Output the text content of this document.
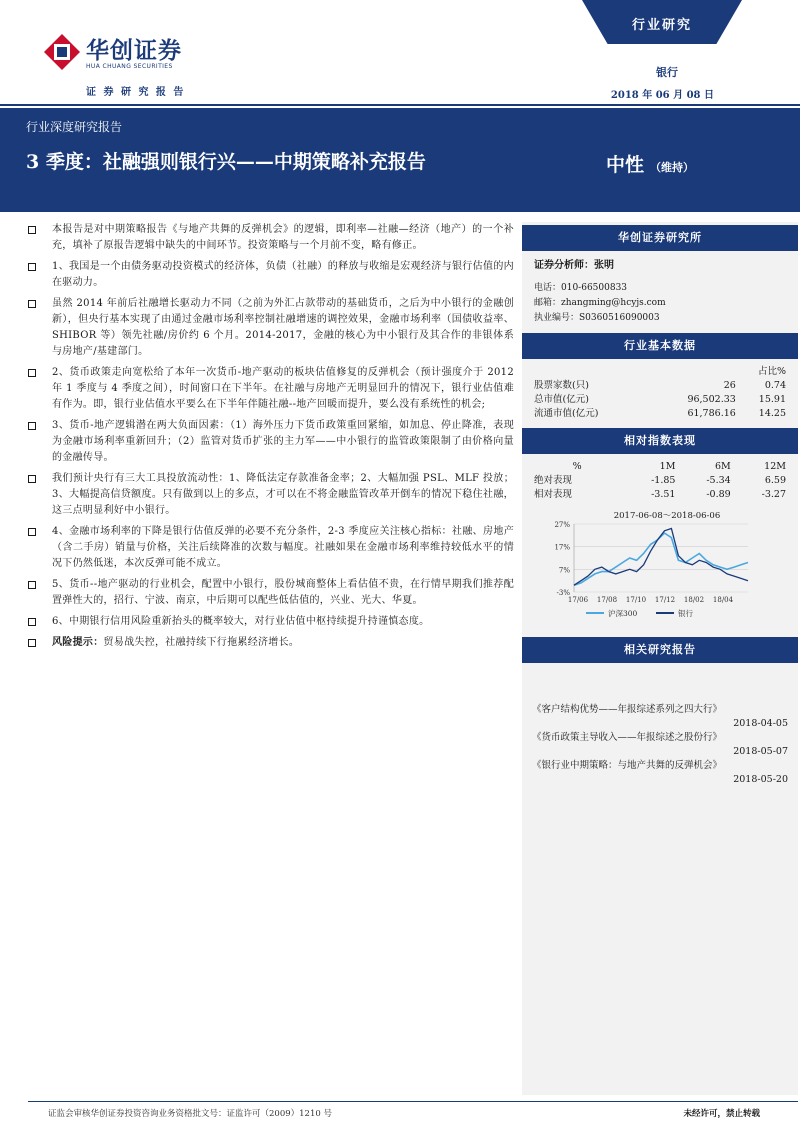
华创证券
HUA CHUANG SECURITIES
证 券 研 究 报 告
行业研究
银行
2018 年 06 月 08 日
行业深度研究报告
3 季度：社融强则银行兴——中期策略补充报告	中性 （维持）
本报告是对中期策略报告《与地产共舞的反弹机会》的逻辑，即利率—社融—经济（地产）的一个补充，填补了原报告逻辑中缺失的中间环节。投资策略与一个月前不变，略有修正。
1、我国是一个由债务驱动投资模式的经济体，负债（社融）的释放与收缩是宏观经济与银行估值的内在驱动力。
虽然 2014 年前后社融增长驱动力不同（之前为外汇占款带动的基础货币，之后为中小银行的金融创新），但央行基本实现了由通过金融市场利率控制社融增速的调控效果，金融市场利率（国债收益率、SHIBOR 等）领先社融/房价约 6 个月。2014-2017，金融的核心为中小银行及其合作的非银体系与房地产/基建部门。
2、货币政策走向宽松给了本年一次货币-地产驱动的板块估值修复的反弹机会（预计强度介于 2012 年 1 季度与 4 季度之间），时间窗口在下半年。在社融与房地产无明显回升的情况下，银行业估值难有作为。即，银行业估值水平要么在下半年伴随社融--地产回暖而提升，要么没有系统性的机会;
3、货币-地产逻辑潜在两大负面因素：（1）海外压力下货币政策重回紧缩，如加息、停止降准，表现为金融市场利率重新回升；（2）监管对货币扩张的主力军——中小银行的监管政策限制了由价格向量的金融传导。
我们预计央行有三大工具投放流动性：1、降低法定存款准备金率；2、大幅加强 PSL、MLF 投放；3、大幅提高信贷额度。只有做到以上的多点，才可以在不将金融监管改革开倒车的情况下稳住社融，这三点明显利好中小银行。
4、金融市场利率的下降是银行估值反弹的必要不充分条件，2-3 季度应关注核心指标：社融、房地产（含二手房）销量与价格，关注后续降准的次数与幅度。社融如果在金融市场利率维持较低水平的情况下仍然低迷，本次反弹可能不成立。
5、货币--地产驱动的行业机会，配置中小银行，股份城商整体上看估值不贵，在行情早期我们推荐配置弹性大的，招行、宁波、南京，中后期可以配些低估值的，兴业、光大、华夏。
6、中期银行信用风险重新抬头的概率较大，对行业估值中枢持续提升持谨慎态度。
风险提示：贸易战失控，社融持续下行拖累经济增长。
华创证券研究所
证券分析师：张明
电话：010-66500833
邮箱：zhangming@hcyjs.com
执业编号：S0360516090003
行业基本数据
		占比%
股票家数(只)	26	0.74
总市值(亿元)	96,502.33	15.91
流通市值(亿元)	61,786.16	14.25
相对指数表现
%	1M	6M	12M
绝对表现	-1.85	-5.34	6.59
相对表现	-3.51	-0.89	-3.27
2017-06-08～2018-06-06
27%
17%
7%
-3%
17/06 17/08 17/10 17/12 18/02 18/04
沪深300	银行
相关研究报告
《客户结构优势——年报综述系列之四大行》
2018-04-05
《货币政策主导收入——年报综述之股份行》
2018-05-07
《银行业中期策略：与地产共舞的反弹机会》
2018-05-20
证监会审核华创证券投资咨询业务资格批文号：证监许可（2009）1210 号	未经许可，禁止转载
